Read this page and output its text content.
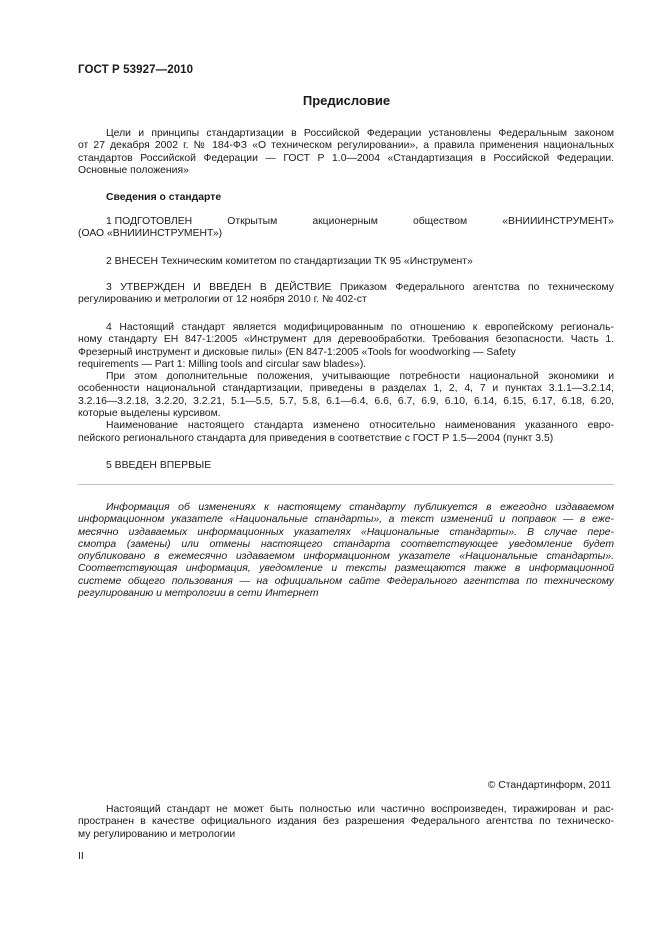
ГОСТ Р 53927—2010
Предисловие

Цели и принципы стандартизации в Российской Федерации установлены Федеральным законом

от 27 декабря 2002 г. № 184-ФЗ «О техническом регулировании», а правила применения национальных

стандартов Российской Федерации — ГОСТ Р 1.0—2004 «Стандартизация в Российской Федерации.

Основные положения»

Сведения о стандарте

1 ПОДГОТОВЛЕН	Открытым	акционерным	обществом	«ВНИИИНСТРУМЕНТ»

(ОАО «ВНИИИНСТРУМЕНТ»)

2 ВНЕСЕН Техническим комитетом по стандартизации ТК 95 «Инструмент»

3 УТВЕРЖДЕН И ВВЕДЕН В ДЕЙСТВИЕ Приказом Федерального агентства по техническому

регулированию и метрологии от 12 ноября 2010 г. № 402-ст

4 Настоящий стандарт является модифицированным по отношению к европейскому региональ-

ному стандарту ЕН 847-1:2005 «Инструмент для деревообработки. Требования безопасности. Часть 1.

Фрезерный инструмент и дисковые пилы» (EN 847-1:2005 «Tools for woodworking — Safety

requirements — Part 1: Milling tools and circular saw blades»).

При этом дополнительные положения, учитывающие потребности национальной экономики и

особенности национальной стандартизации, приведены в разделах 1, 2, 4, 7 и пунктах 3.1.1—3.2.14,

3.2.16—3.2.18, 3.2.20, 3.2.21, 5.1—5.5, 5.7, 5.8, 6.1—6.4, 6.6, 6.7, 6.9, 6.10, 6.14, 6.15, 6.17, 6.18, 6.20,

которые выделены курсивом.

Наименование настоящего стандарта изменено относительно наименования указанного евро-

пейского регионального стандарта для приведения в соответствие с ГОСТ Р 1.5—2004 (пункт 3.5)

5 ВВЕДЕН ВПЕРВЫЕ

Информация об изменениях к настоящему стандарту публикуется в ежегодно издаваемом

информационном указателе «Национальные стандарты», а текст изменений и поправок — в еже-

месячно издаваемых информационных указателях «Национальные стандарты». В случае пере-

смотра (замены) или отмены настоящего стандарта соответствующее уведомление будет

опубликовано в ежемесячно издаваемом информационном указателе «Национальные стандарты».

Соответствующая информация, уведомление и тексты размещаются также в информационной

системе общего пользования — на официальном сайте Федерального агентства по техническому

регулированию и метрологии в сети Интернет

© Стандартинформ, 2011

Настоящий стандарт не может быть полностью или частично воспроизведен, тиражирован и рас-

пространен в качестве официального издания без разрешения Федерального агентства по техническо-

му регулированию и метрологии

II
